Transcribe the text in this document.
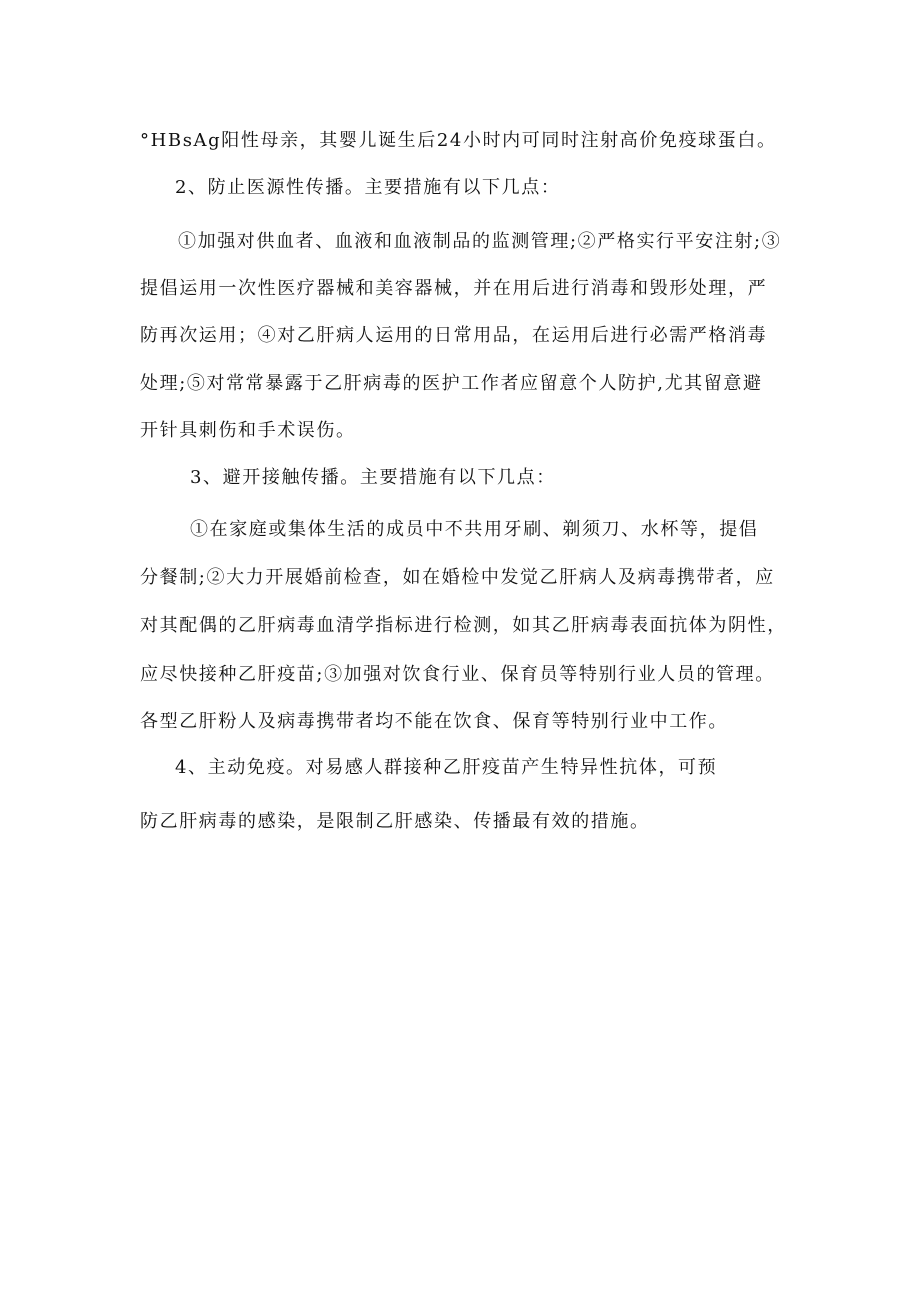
°HBsAg阳性母亲，其婴儿诞生后24小时内可同时注射高价免疫球蛋白。
2、防止医源性传播。主要措施有以下几点：
①加强对供血者、血液和血液制品的监测管理;②严格实行平安注射;③
提倡运用一次性医疗器械和美容器械，并在用后进行消毒和毁形处理，严
防再次运用；④对乙肝病人运用的日常用品，在运用后进行必需严格消毒
处理;⑤对常常暴露于乙肝病毒的医护工作者应留意个人防护,尤其留意避
开针具刺伤和手术误伤。
3、避开接触传播。主要措施有以下几点：
①在家庭或集体生活的成员中不共用牙刷、剃须刀、水杯等，提倡
分餐制;②大力开展婚前检查，如在婚检中发觉乙肝病人及病毒携带者，应
对其配偶的乙肝病毒血清学指标进行检测，如其乙肝病毒表面抗体为阴性，
应尽快接种乙肝疫苗;③加强对饮食行业、保育员等特别行业人员的管理。
各型乙肝粉人及病毒携带者均不能在饮食、保育等特别行业中工作。
4、主动免疫。对易感人群接种乙肝疫苗产生特异性抗体，可预
防乙肝病毒的感染，是限制乙肝感染、传播最有效的措施。
